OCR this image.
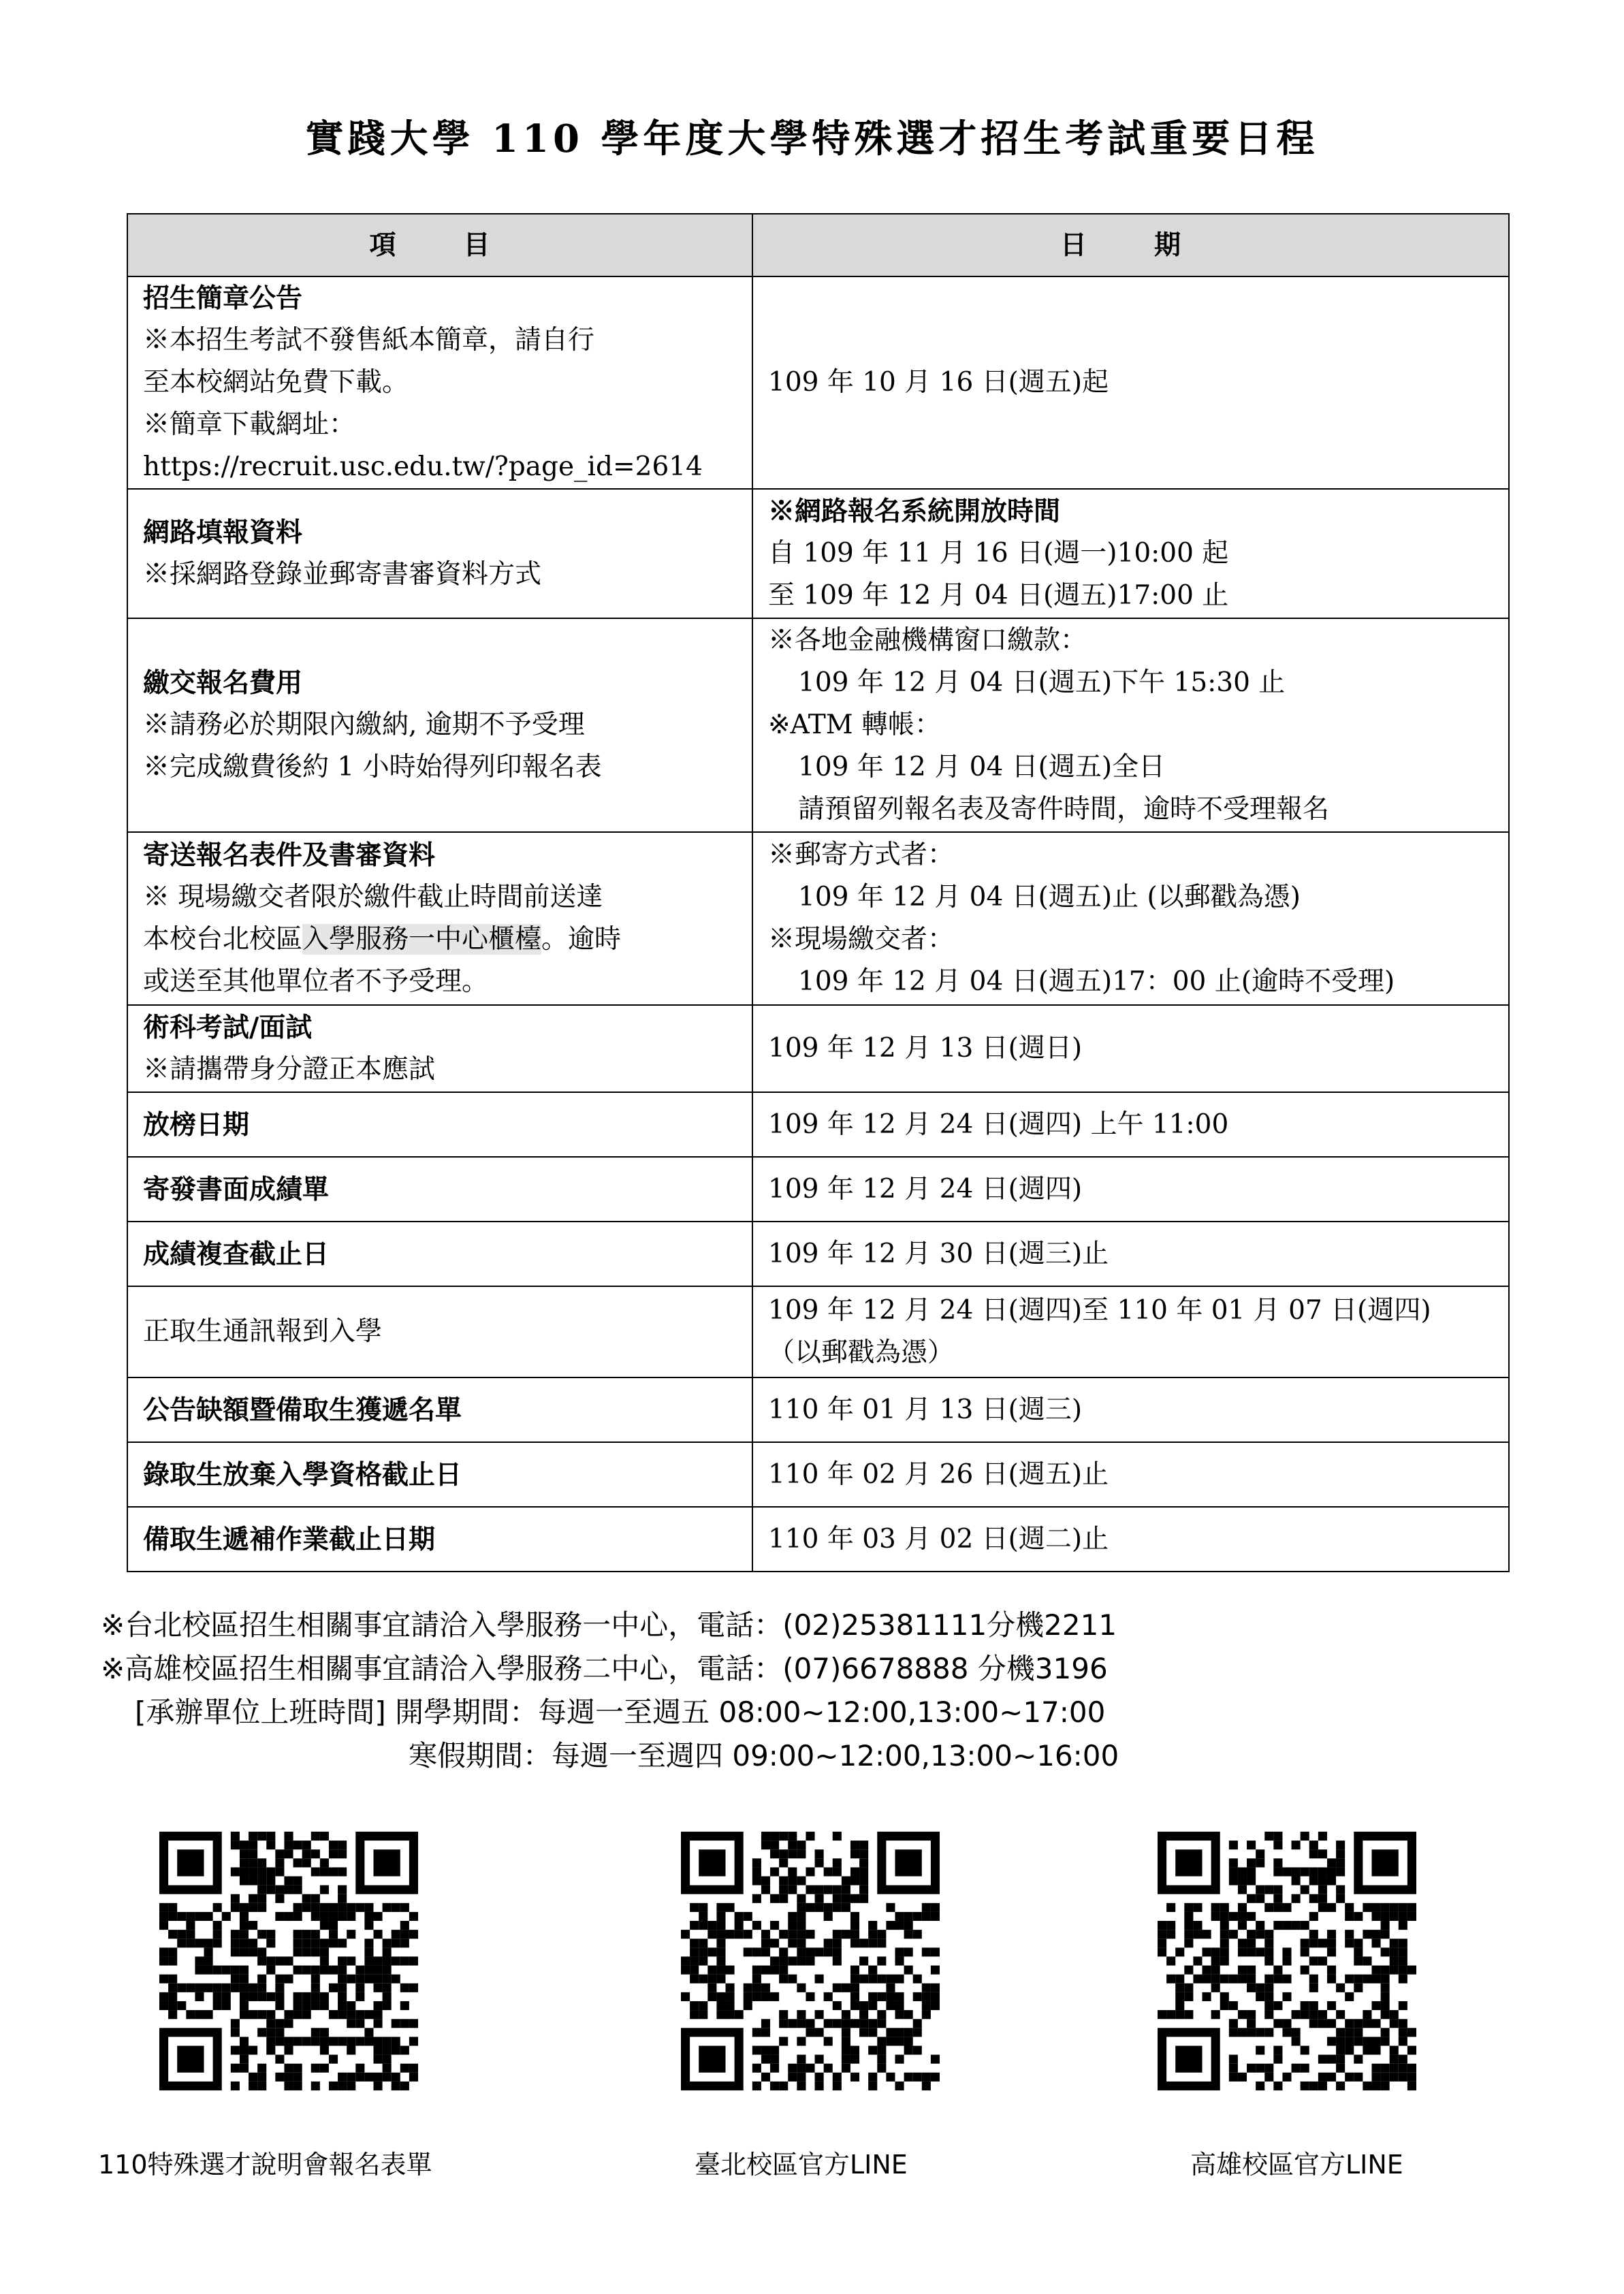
實踐大學 110 學年度大學特殊選才招生考試重要日程
項　目	日　期

招生簡章公告
※本招生考試不發售紙本簡章，請自行
至本校網站免費下載。
※簡章下載網址：
https://recruit.usc.edu.tw/?page_id=2614	109 年 10 月 16 日(週五)起

網路填報資料
※採網路登錄並郵寄書審資料方式	※網路報名系統開放時間
自 109 年 11 月 16 日(週一)10:00 起
至 109 年 12 月 04 日(週五)17:00 止

繳交報名費用
※請務必於期限內繳納, 逾期不予受理
※完成繳費後約 1 小時始得列印報名表	※各地金融機構窗口繳款：
109 年 12 月 04 日(週五)下午 15:30 止
※ATM 轉帳：
109 年 12 月 04 日(週五)全日
請預留列報名表及寄件時間，逾時不受理報名

寄送報名表件及書審資料
※ 現場繳交者限於繳件截止時間前送達
本校台北校區入學服務一中心櫃檯。逾時
或送至其他單位者不予受理。	※郵寄方式者：
109 年 12 月 04 日(週五)止 (以郵戳為憑)
※現場繳交者：
109 年 12 月 04 日(週五)17：00 止(逾時不受理)

術科考試/面試
※請攜帶身分證正本應試	109 年 12 月 13 日(週日)

放榜日期	109 年 12 月 24 日(週四) 上午 11:00

寄發書面成績單	109 年 12 月 24 日(週四)

成績複查截止日	109 年 12 月 30 日(週三)止

正取生通訊報到入學	109 年 12 月 24 日(週四)至 110 年 01 月 07 日(週四)
（以郵戳為憑）

公告缺額暨備取生獲遞名單	110 年 01 月 13 日(週三)

錄取生放棄入學資格截止日	110 年 02 月 26 日(週五)止

備取生遞補作業截止日期	110 年 03 月 02 日(週二)止
※台北校區招生相關事宜請洽入學服務一中心，電話：(02)25381111分機2211
※高雄校區招生相關事宜請洽入學服務二中心，電話：(07)6678888 分機3196
[承辦單位上班時間] 開學期間：每週一至週五 08:00~12:00,13:00~17:00
寒假期間：每週一至週四 09:00~12:00,13:00~16:00
110特殊選才說明會報名表單	臺北校區官方LINE	高雄校區官方LINE
